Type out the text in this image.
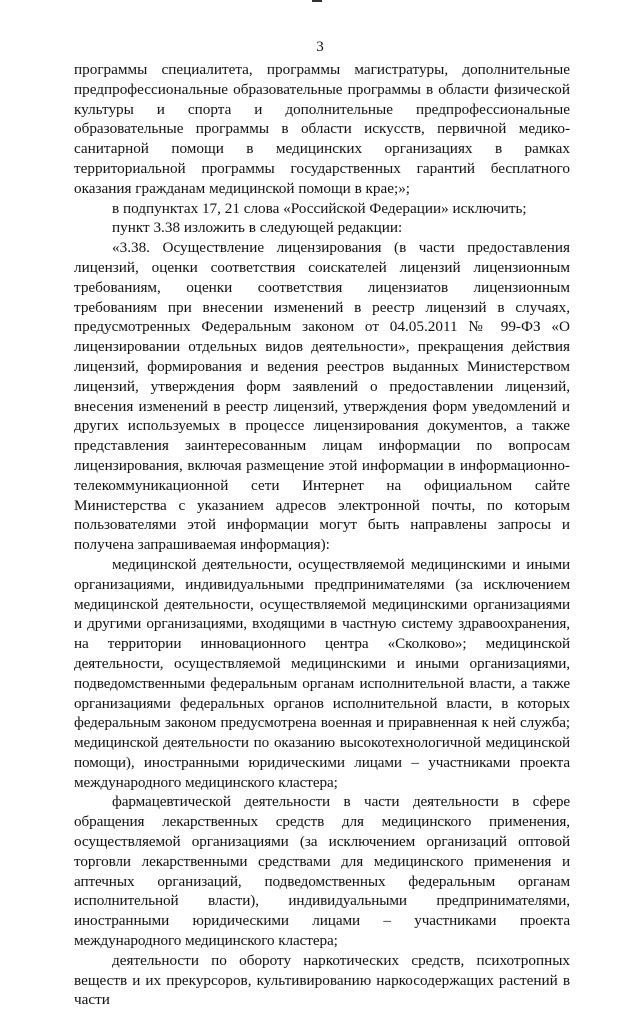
3

программы специалитета, программы магистратуры, дополнительные предпрофессиональные образовательные программы в области физической культуры и спорта и дополнительные предпрофессиональные образовательные программы в области искусств, первичной медико-санитарной помощи в медицинских организациях в рамках территориальной программы государственных гарантий бесплатного оказания гражданам медицинской помощи в крае;»;

в подпунктах 17, 21 слова «Российской Федерации» исключить;

пункт 3.38 изложить в следующей редакции:

«3.38. Осуществление лицензирования (в части предоставления лицензий, оценки соответствия соискателей лицензий лицензионным требованиям, оценки соответствия лицензиатов лицензионным требованиям при внесении изменений в реестр лицензий в случаях, предусмотренных Федеральным законом от 04.05.2011 № 99-ФЗ «О лицензировании отдельных видов деятельности», прекращения действия лицензий, формирования и ведения реестров выданных Министерством лицензий, утверждения форм заявлений о предоставлении лицензий, внесения изменений в реестр лицензий, утверждения форм уведомлений и других используемых в процессе лицензирования документов, а также представления заинтересованным лицам информации по вопросам лицензирования, включая размещение этой информации в информационно-телекоммуникационной сети Интернет на официальном сайте Министерства с указанием адресов электронной почты, по которым пользователями этой информации могут быть направлены запросы и получена запрашиваемая информация):

медицинской деятельности, осуществляемой медицинскими и иными организациями, индивидуальными предпринимателями (за исключением медицинской деятельности, осуществляемой медицинскими организациями и другими организациями, входящими в частную систему здравоохранения, на территории инновационного центра «Сколково»; медицинской деятельности, осуществляемой медицинскими и иными организациями, подведомственными федеральным органам исполнительной власти, а также организациями федеральных органов исполнительной власти, в которых федеральным законом предусмотрена военная и приравненная к ней служба; медицинской деятельности по оказанию высокотехнологичной медицинской помощи), иностранными юридическими лицами – участниками проекта международного медицинского кластера;

фармацевтической деятельности в части деятельности в сфере обращения лекарственных средств для медицинского применения, осуществляемой организациями (за исключением организаций оптовой торговли лекарственными средствами для медицинского применения и аптечных организаций, подведомственных федеральным органам исполнительной власти), индивидуальными предпринимателями, иностранными юридическими лицами – участниками проекта международного медицинского кластера;

деятельности по обороту наркотических средств, психотропных веществ и их прекурсоров, культивированию наркосодержащих растений в части
